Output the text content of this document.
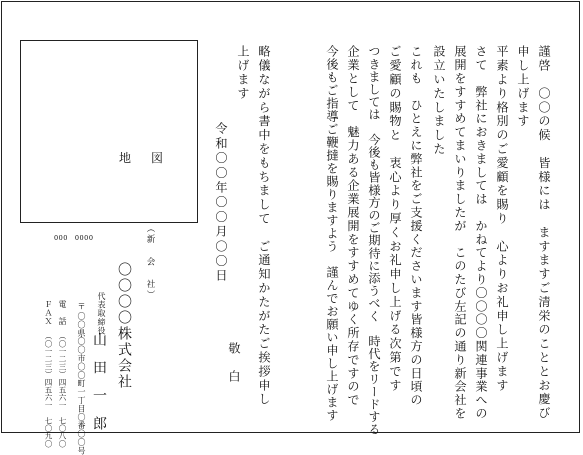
謹啓　〇〇の候　皆様には　ますますご清栄のこととお慶び
申し上げます
平素より格別のご愛顧を賜り　心よりお礼申し上げます
さて　弊社におきましては　かねてより〇〇〇〇関連事業への
展開をすすめてまいりましたが　このたび左記の通り新会社を
設立いたしました
これも　ひとえに弊社をご支援くださいます皆様方の日頃の
ご愛顧の賜物と　衷心より厚くお礼申し上げる次第です
つきましては　今後も皆様方のご期待に添うべく　時代をリードする
企業として　魅力ある企業展開をすすめてゆく所存ですので
今後もご指導ご鞭撻を賜りますよう　謹んでお願い申し上げます
略儀ながら書中をもちまして　ご通知かたがたご挨拶申し
上げます
敬　白
令和〇〇年〇〇月〇〇日
地図
（新 会 社）
〇〇〇〇株式会社
代表取締役
山　田　一　郎
000　0000
〒
〇〇県〇〇市〇〇町一丁目〇番〇〇号
電　話
（〇一二三）四五六一　七〇八〇
ＦＡＸ
（〇一二三）四五六一　七〇九〇
